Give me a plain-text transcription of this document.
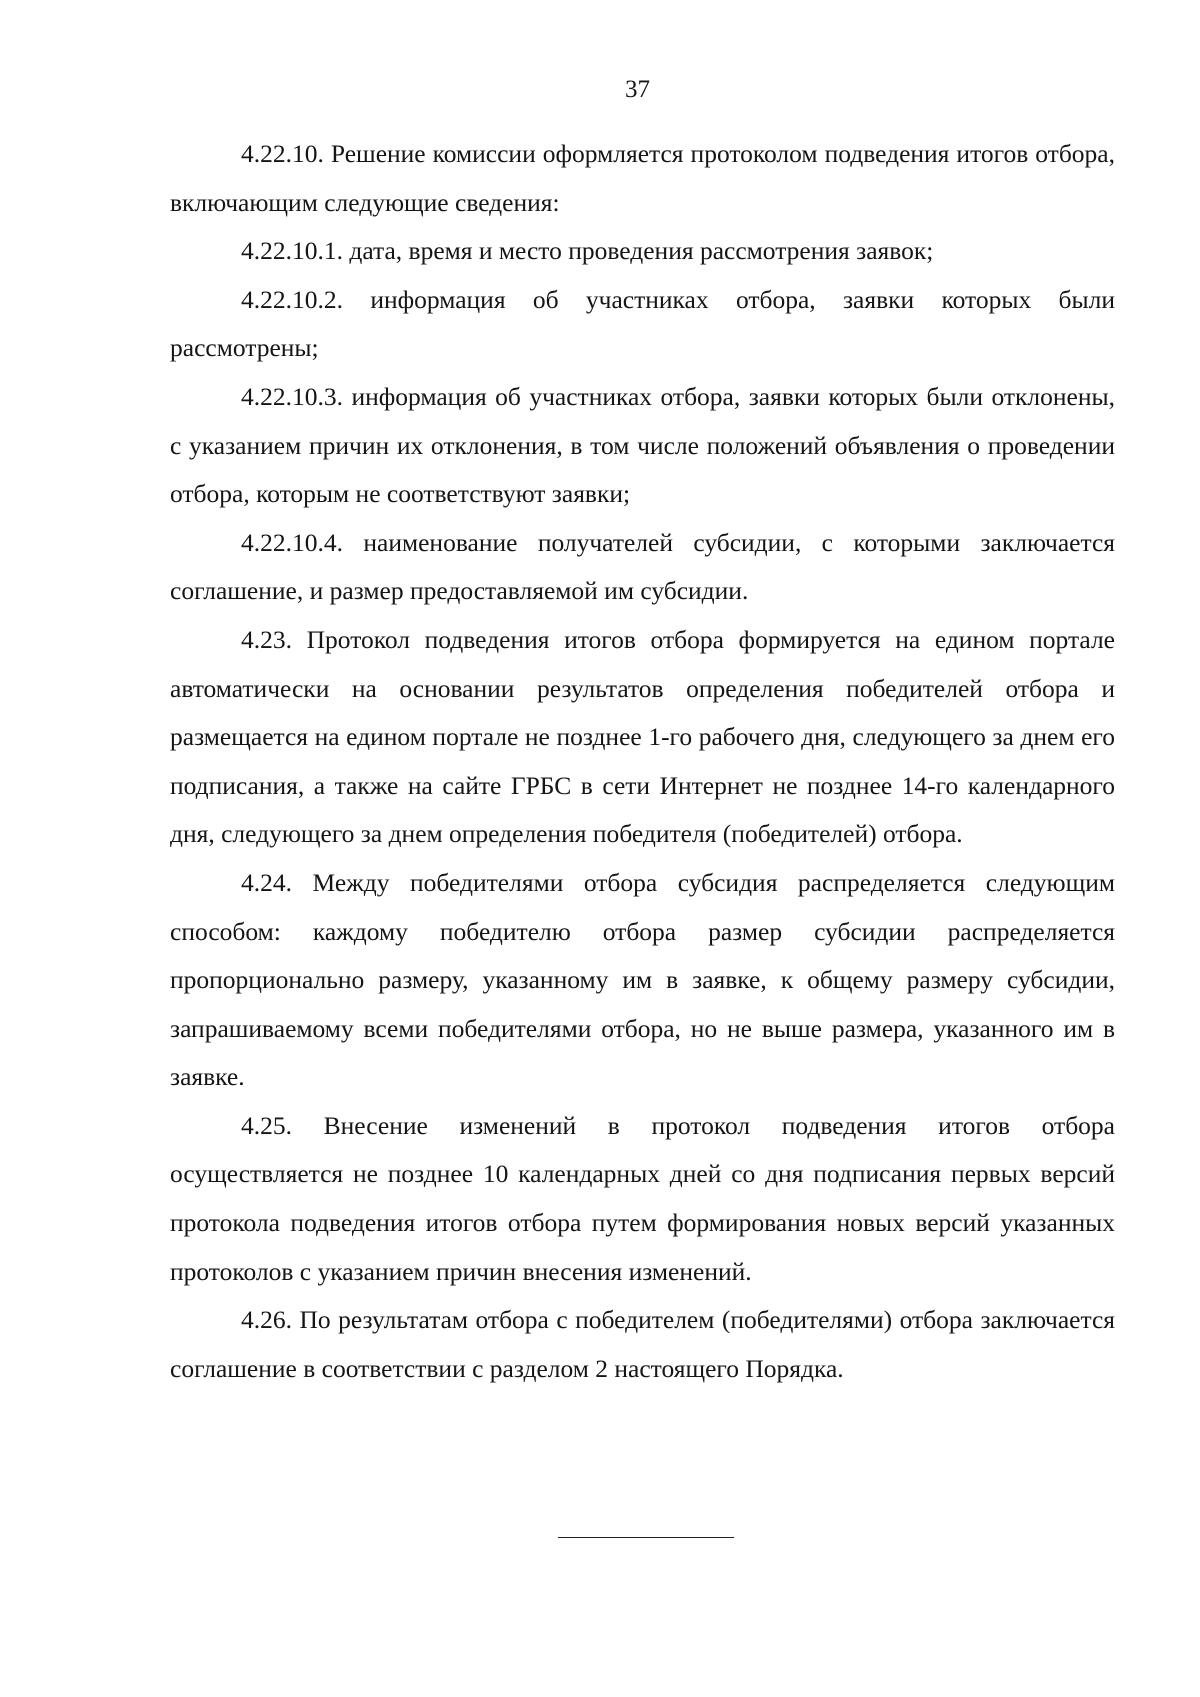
37

4.22.10. Решение комиссии оформляется протоколом подведения итогов отбора, включающим следующие сведения:

4.22.10.1. дата, время и место проведения рассмотрения заявок;

4.22.10.2. информация об участниках отбора, заявки которых были рассмотрены;

4.22.10.3. информация об участниках отбора, заявки которых были отклонены, с указанием причин их отклонения, в том числе положений объявления о проведении отбора, которым не соответствуют заявки;

4.22.10.4. наименование получателей субсидии, с которыми заключается соглашение, и размер предоставляемой им субсидии.

4.23. Протокол подведения итогов отбора формируется на едином портале автоматически на основании результатов определения победителей отбора и размещается на едином портале не позднее 1-го рабочего дня, следующего за днем его подписания, а также на сайте ГРБС в сети Интернет не позднее 14-го календарного дня, следующего за днем определения победителя (победителей) отбора.

4.24. Между победителями отбора субсидия распределяется следующим способом: каждому победителю отбора размер субсидии распределяется пропорционально размеру, указанному им в заявке, к общему размеру субсидии, запрашиваемому всеми победителями отбора, но не выше размера, указанного им в заявке.

4.25. Внесение изменений в протокол подведения итогов отбора осуществляется не позднее 10 календарных дней со дня подписания первых версий протокола подведения итогов отбора путем формирования новых версий указанных протоколов с указанием причин внесения изменений.

4.26. По результатам отбора с победителем (победителями) отбора заключается соглашение в соответствии с разделом 2 настоящего Порядка.
